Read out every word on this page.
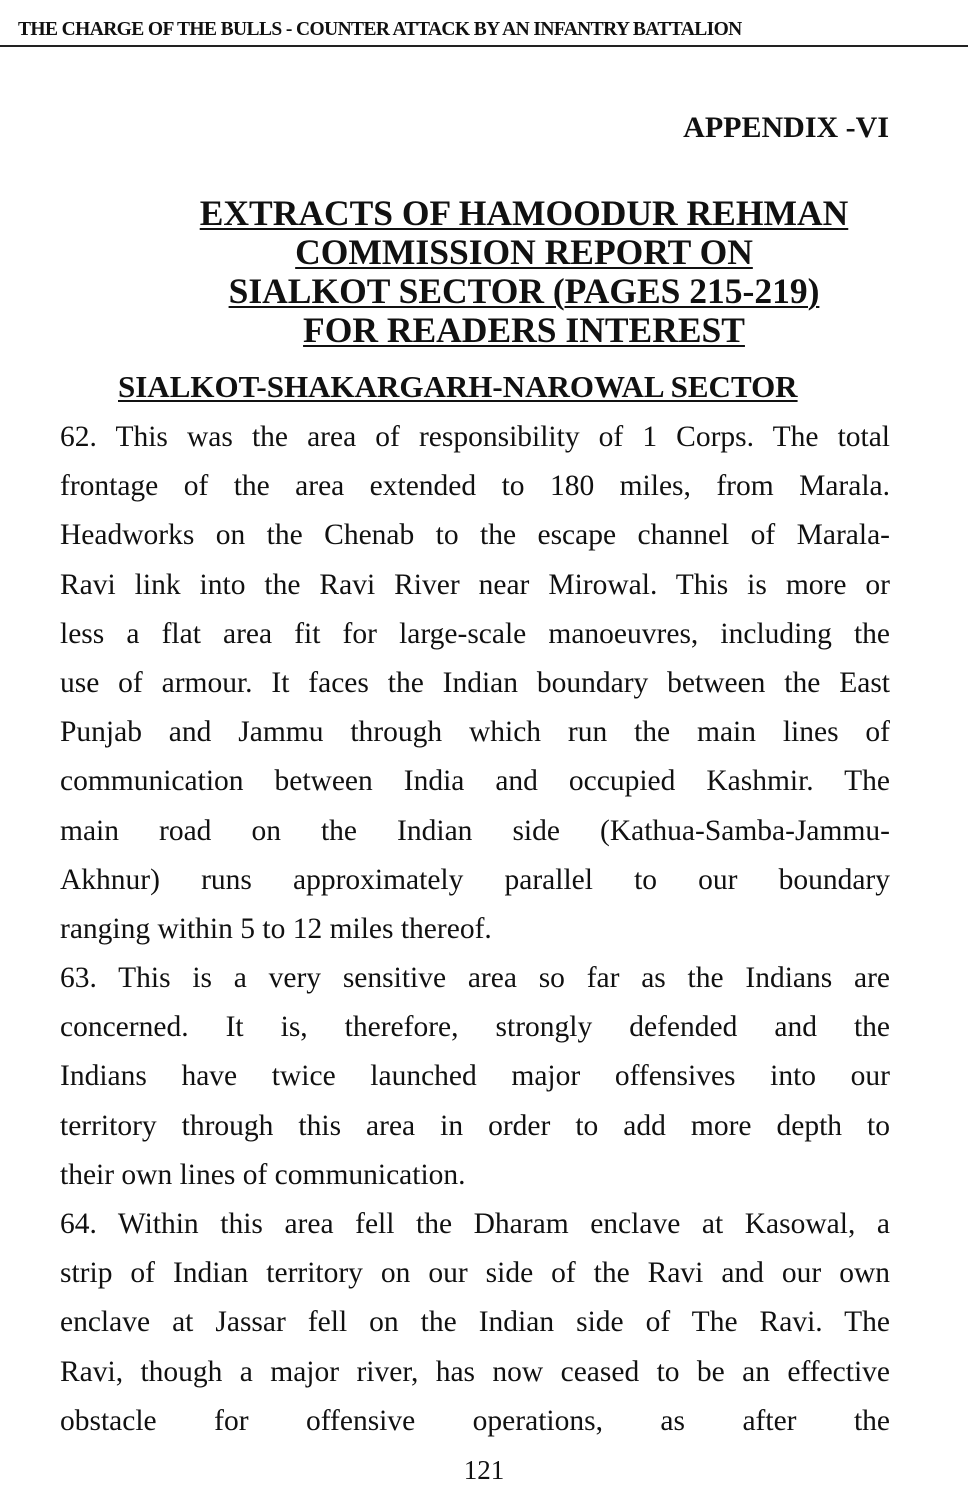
THE CHARGE OF THE BULLS - COUNTER ATTACK BY AN INFANTRY BATTALION
APPENDIX -VI
EXTRACTS OF HAMOODUR REHMAN
COMMISSION REPORT ON
SIALKOT SECTOR (PAGES 215-219)
FOR READERS INTEREST
SIALKOT-SHAKARGARH-NAROWAL SECTOR
62. This was the area of responsibility of 1 Corps. The total
frontage of the area extended to 180 miles, from Marala.
Headworks on the Chenab to the escape channel of Marala-
Ravi link into the Ravi River near Mirowal. This is more or
less a flat area fit for large-scale manoeuvres, including the
use of armour. It faces the Indian boundary between the East
Punjab and Jammu through which run the main lines of
communication between India and occupied Kashmir. The
main road on the Indian side (Kathua-Samba-Jammu-
Akhnur) runs approximately parallel to our boundary
ranging within 5 to 12 miles thereof.
63. This is a very sensitive area so far as the Indians are
concerned. It is, therefore, strongly defended and the
Indians have twice launched major offensives into our
territory through this area in order to add more depth to
their own lines of communication.
64. Within this area fell the Dharam enclave at Kasowal, a
strip of Indian territory on our side of the Ravi and our own
enclave at Jassar fell on the Indian side of The Ravi. The
Ravi, though a major river, has now ceased to be an effective
obstacle for offensive operations, as after the
121
